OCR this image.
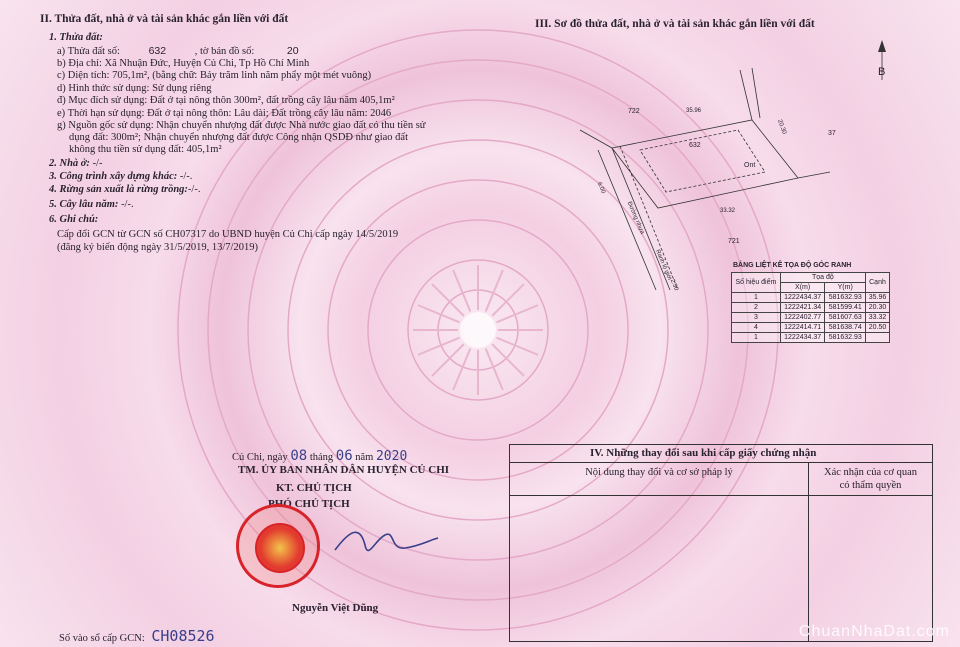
II. Thửa đất, nhà ở và tài sản khác gắn liền với đất
1. Thửa đất:
a) Thửa đất số:	632	, tờ bản đồ số:	20
b) Địa chỉ: Xã Nhuận Đức, Huyện Củ Chi, Tp Hồ Chí Minh
c) Diện tích: 705,1m², (bằng chữ: Bảy trăm linh năm phẩy một mét vuông)
d) Hình thức sử dụng: Sử dụng riêng
đ) Mục đích sử dụng: Đất ở tại nông thôn 300m², đất trồng cây lâu năm 405,1m²
e) Thời hạn sử dụng: Đất ở tại nông thôn: Lâu dài; Đất trồng cây lâu năm: 2046
g) Nguồn gốc sử dụng: Nhận chuyển nhượng đất được Nhà nước giao đất có thu tiền sử
dụng đất: 300m²; Nhận chuyển nhượng đất được Công nhận QSDĐ như giao đất
không thu tiền sử dụng đất: 405,1m²
2. Nhà ở: -/-
3. Công trình xây dựng khác: -/-.
4. Rừng sản xuất là rừng trồng:-/-.
5. Cây lâu năm: -/-.
6. Ghi chú:
Cấp đổi GCN từ GCN số CH07317 do UBND huyện Củ Chi cấp ngày 14/5/2019
(đăng ký biến động ngày 31/5/2019, 13/7/2019)
III. Sơ đồ thửa đất, nhà ở và tài sản khác gắn liền với đất
B
632
Ont
722
37
721
35.96
20.30
33.32
Đường nhựa
6.00
Ranh lộ giới
2.50
BẢNG LIỆT KÊ TỌA ĐỘ GÓC RANH
Số hiệu điểm	Tọa độ		Cạnh
	X(m)	Y(m)	
1	1222434.37	581632.93	35.96
2	1222421.34	581599.41	20.30
3	1222402.77	581607.63	33.32
4	1222414.71	581638.74	20.50
1	1222434.37	581632.93	
Củ Chi, ngày 08 tháng 06 năm 2020
TM. ỦY BAN NHÂN DÂN HUYỆN CỦ CHI
KT. CHỦ TỊCH
PHÓ CHỦ TỊCH
Nguyễn Việt Dũng
Số vào sổ cấp GCN: CH08526
IV. Những thay đổi sau khi cấp giấy chứng nhận
Nội dung thay đổi và cơ sở pháp lý	Xác nhận của cơ quan
có thẩm quyền
ChuanNhaDat.com
